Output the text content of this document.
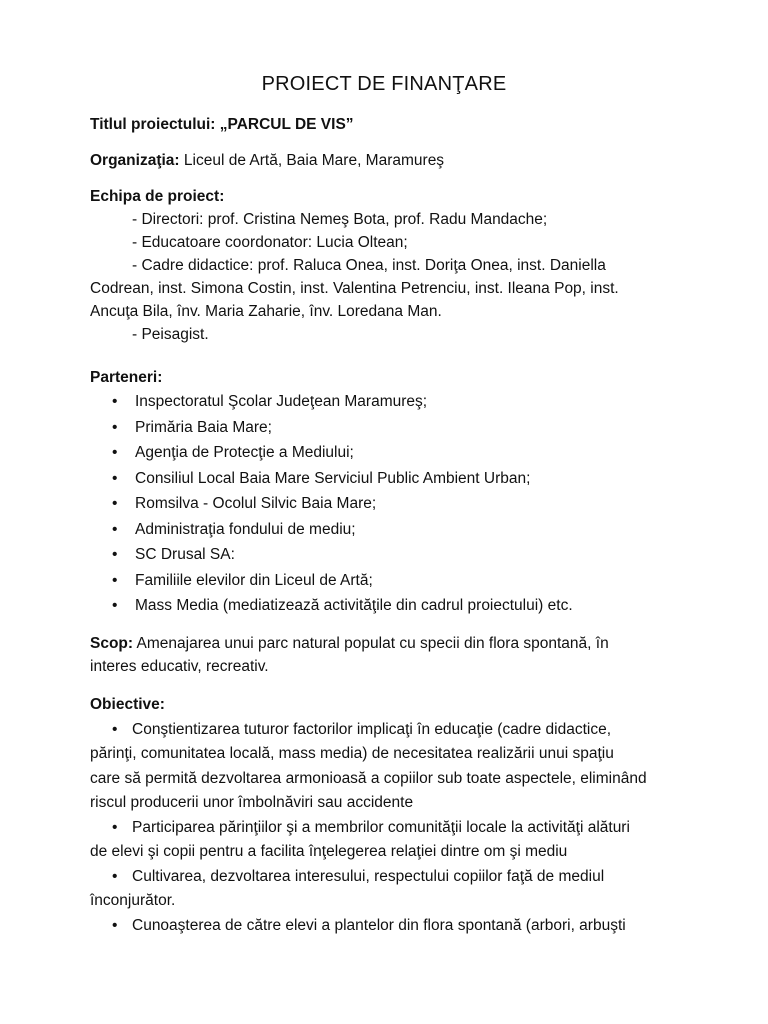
PROIECT DE FINANŢARE

Titlul proiectului: „PARCUL DE VIS”

Organizaţia: Liceul de Artă, Baia Mare, Maramureş

Echipa de proiect:
- Directori: prof. Cristina Nemeş Bota, prof. Radu Mandache;
- Educatoare coordonator: Lucia Oltean;
- Cadre didactice: prof. Raluca Onea, inst. Doriţa Onea, inst. Daniella
Codrean, inst. Simona Costin, inst. Valentina Petrenciu, inst. Ileana Pop, inst.
Ancuţa Bila, înv. Maria Zaharie, înv. Loredana Man.
- Peisagist.
Parteneri:
• Inspectoratul Şcolar Judeţean Maramureş;
• Primăria Baia Mare;
• Agenţia de Protecţie a Mediului;
• Consiliul Local Baia Mare Serviciul Public Ambient Urban;
• Romsilva - Ocolul Silvic Baia Mare;
• Administraţia fondului de mediu;
• SC Drusal SA:
• Familiile elevilor din Liceul de Artă;
• Mass Media (mediatizează activităţile din cadrul proiectului) etc.
Scop: Amenajarea unui parc natural populat cu specii din flora spontană, în
interes educativ, recreativ.
Obiective:
• Conştientizarea tuturor factorilor implicaţi în educaţie (cadre didactice,
părinţi, comunitatea locală, mass media) de necesitatea realizării unui spaţiu
care să permită dezvoltarea armonioasă a copiilor sub toate aspectele, eliminând
riscul producerii unor îmbolnăviri sau accidente
• Participarea părinţiilor şi a membrilor comunităţii locale la activităţi alături
de elevi şi copii pentru a facilita înţelegerea relaţiei dintre om şi mediu
• Cultivarea, dezvoltarea interesului, respectului copiilor faţă de mediul
înconjurător.
• Cunoaşterea de către elevi a plantelor din flora spontană (arbori, arbuşti
